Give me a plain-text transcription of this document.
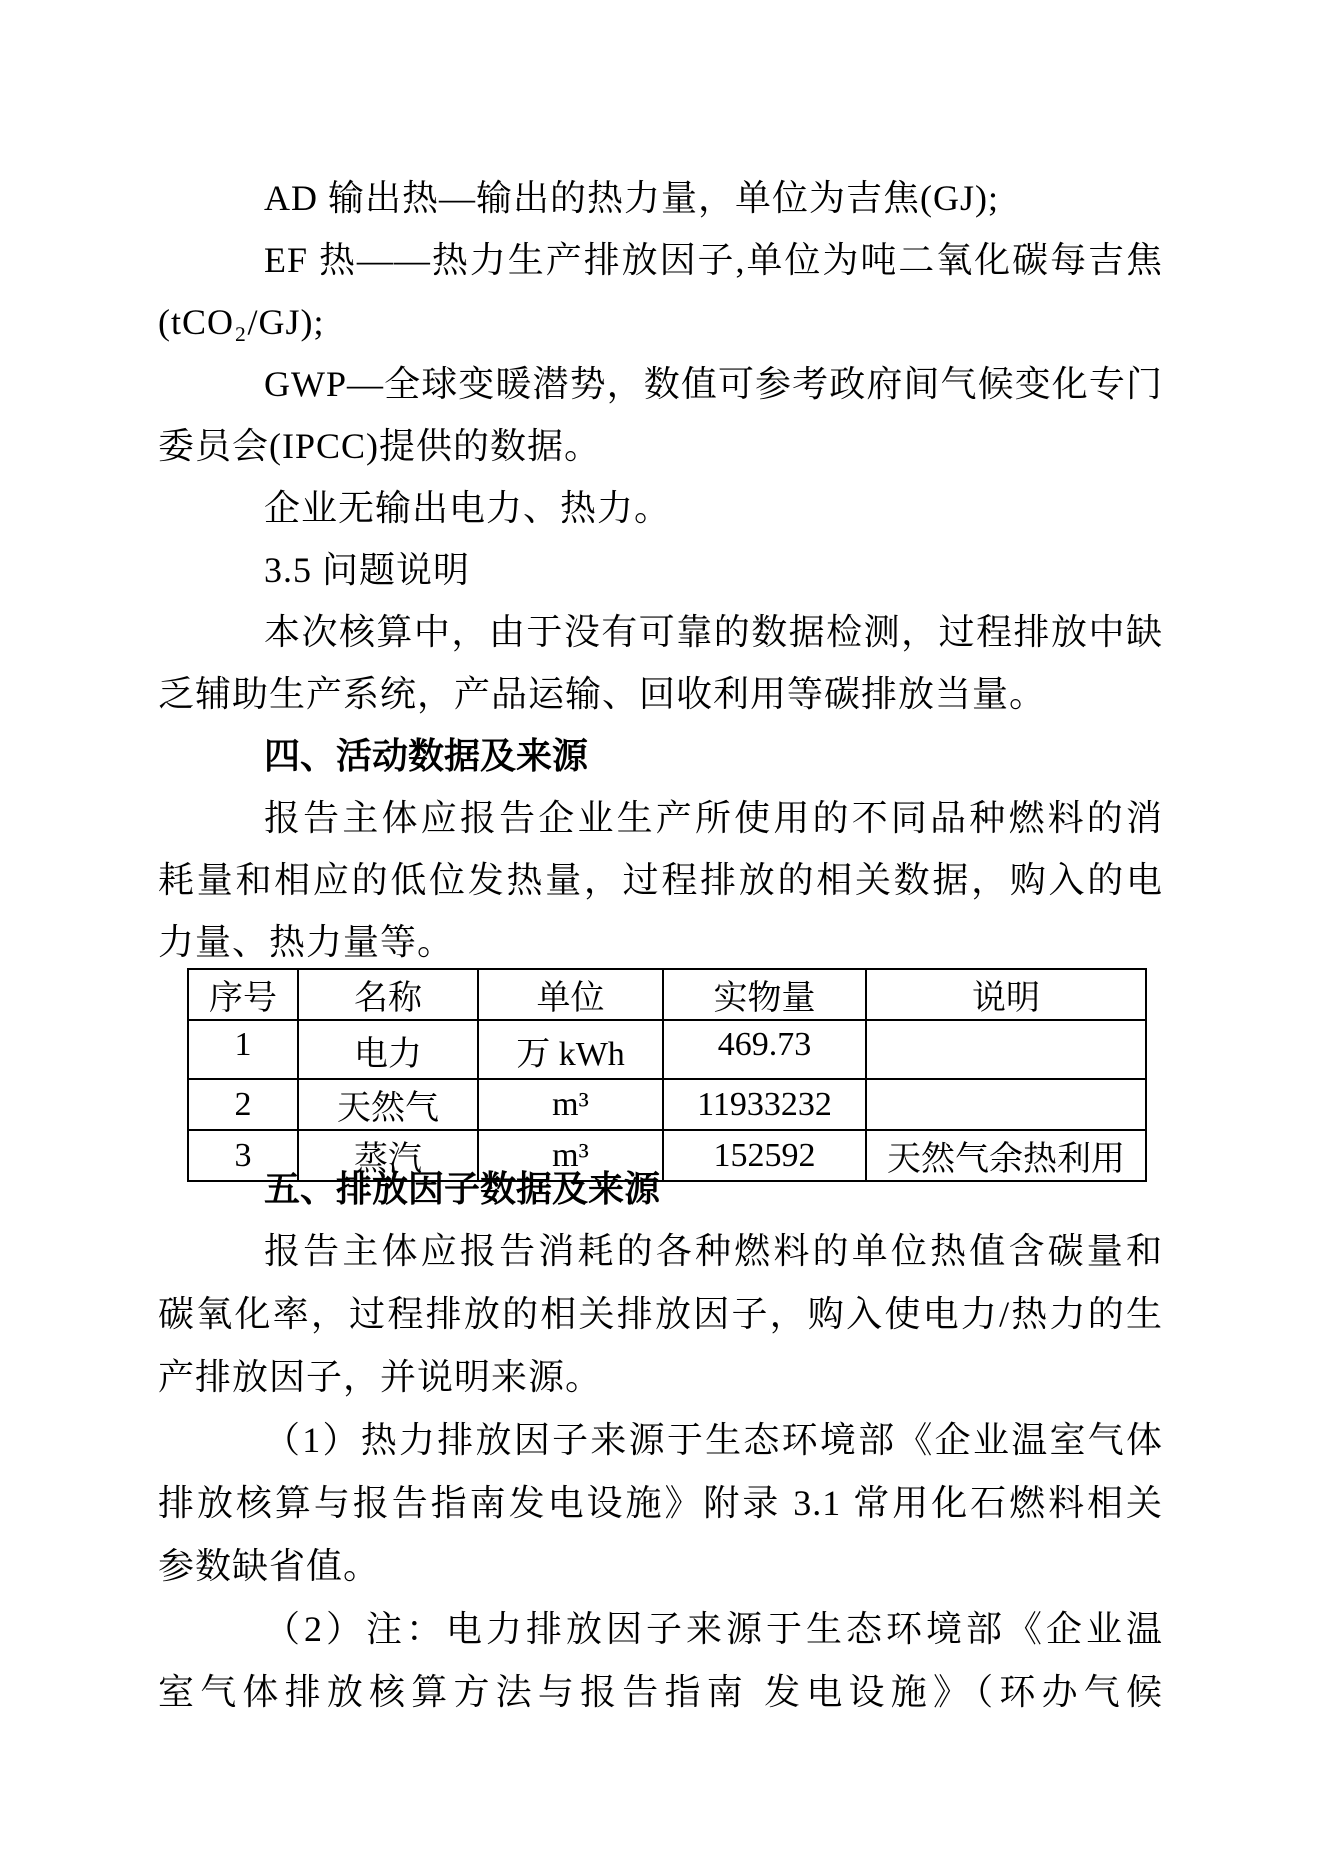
AD 输出热—输出的热力量，单位为吉焦(GJ);
EF 热——热力生产排放因子,单位为吨二氧化碳每吉焦
(tCO₂/GJ);
GWP—全球变暖潜势，数值可参考政府间气候变化专门
委员会(IPCC)提供的数据。
企业无输出电力、热力。
3.5 问题说明
本次核算中，由于没有可靠的数据检测，过程排放中缺
乏辅助生产系统，产品运输、回收利用等碳排放当量。
四、活动数据及来源
报告主体应报告企业生产所使用的不同品种燃料的消
耗量和相应的低位发热量，过程排放的相关数据，购入的电
力量、热力量等。
序号	名称	单位	实物量	说明
1	电力	万 kWh	469.73	
2	天然气	m³	11933232	
3	蒸汽	m³	152592	天然气余热利用
五、排放因子数据及来源
报告主体应报告消耗的各种燃料的单位热值含碳量和
碳氧化率，过程排放的相关排放因子，购入使电力/热力的生
产排放因子，并说明来源。
（1）热力排放因子来源于生态环境部《企业温室气体
排放核算与报告指南发电设施》附录 3.1 常用化石燃料相关
参数缺省值。
（2）注：电力排放因子来源于生态环境部《企业温
室气体排放核算方法与报告指南 发电设施》（环办气候
